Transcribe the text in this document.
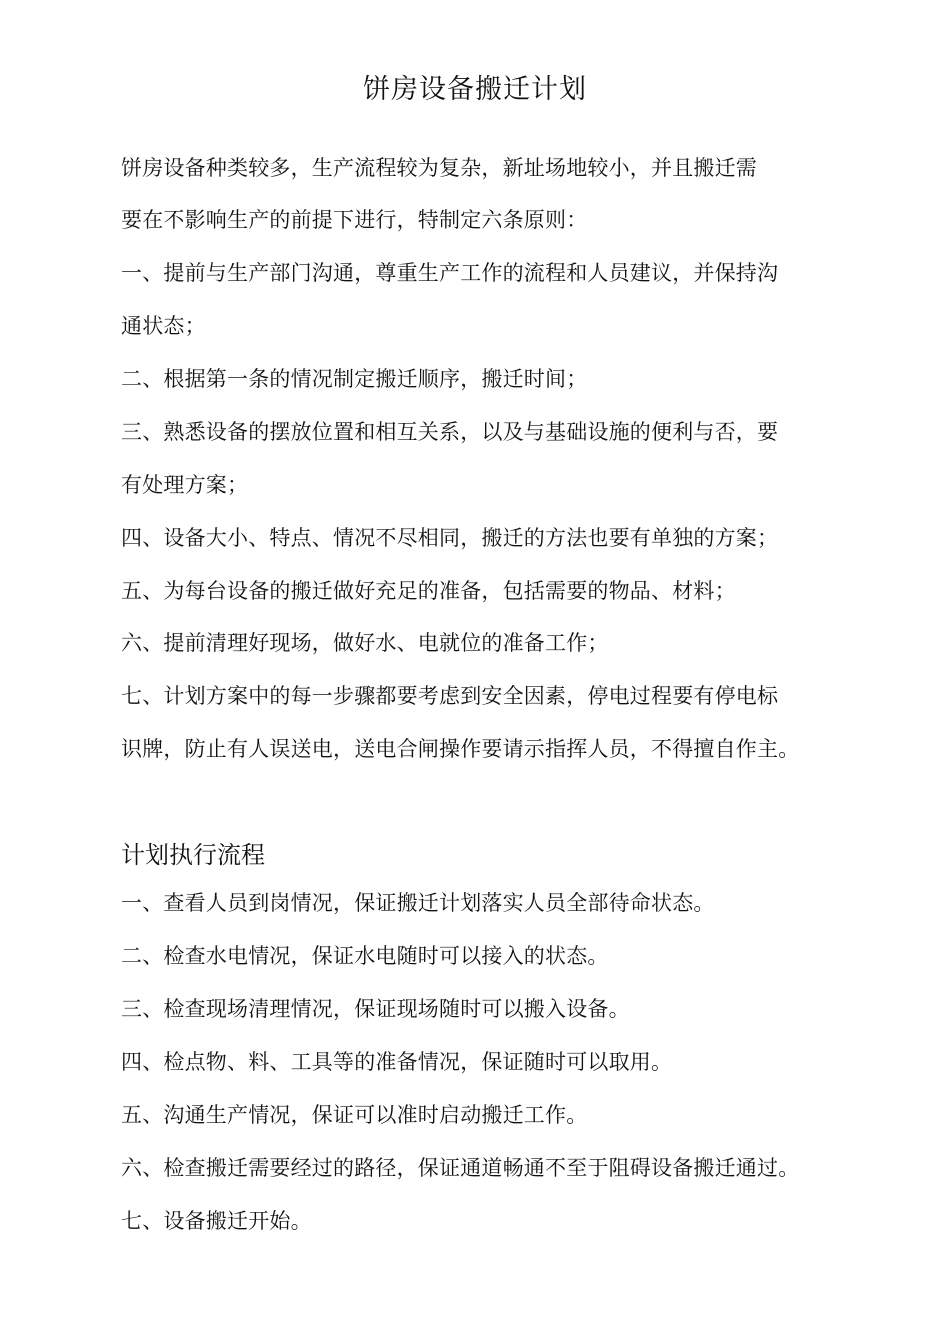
饼房设备搬迁计划
饼房设备种类较多，生产流程较为复杂，新址场地较小，并且搬迁需
要在不影响生产的前提下进行，特制定六条原则：
一、提前与生产部门沟通，尊重生产工作的流程和人员建议，并保持沟
通状态；
二、根据第一条的情况制定搬迁顺序，搬迁时间；
三、熟悉设备的摆放位置和相互关系，以及与基础设施的便利与否，要
有处理方案；
四、设备大小、特点、情况不尽相同，搬迁的方法也要有单独的方案；
五、为每台设备的搬迁做好充足的准备，包括需要的物品、材料；
六、提前清理好现场，做好水、电就位的准备工作；
七、计划方案中的每一步骤都要考虑到安全因素，停电过程要有停电标
识牌，防止有人误送电，送电合闸操作要请示指挥人员，不得擅自作主。
计划执行流程
一、查看人员到岗情况，保证搬迁计划落实人员全部待命状态。
二、检查水电情况，保证水电随时可以接入的状态。
三、检查现场清理情况，保证现场随时可以搬入设备。
四、检点物、料、工具等的准备情况，保证随时可以取用。
五、沟通生产情况，保证可以准时启动搬迁工作。
六、检查搬迁需要经过的路径，保证通道畅通不至于阻碍设备搬迁通过。
七、设备搬迁开始。
